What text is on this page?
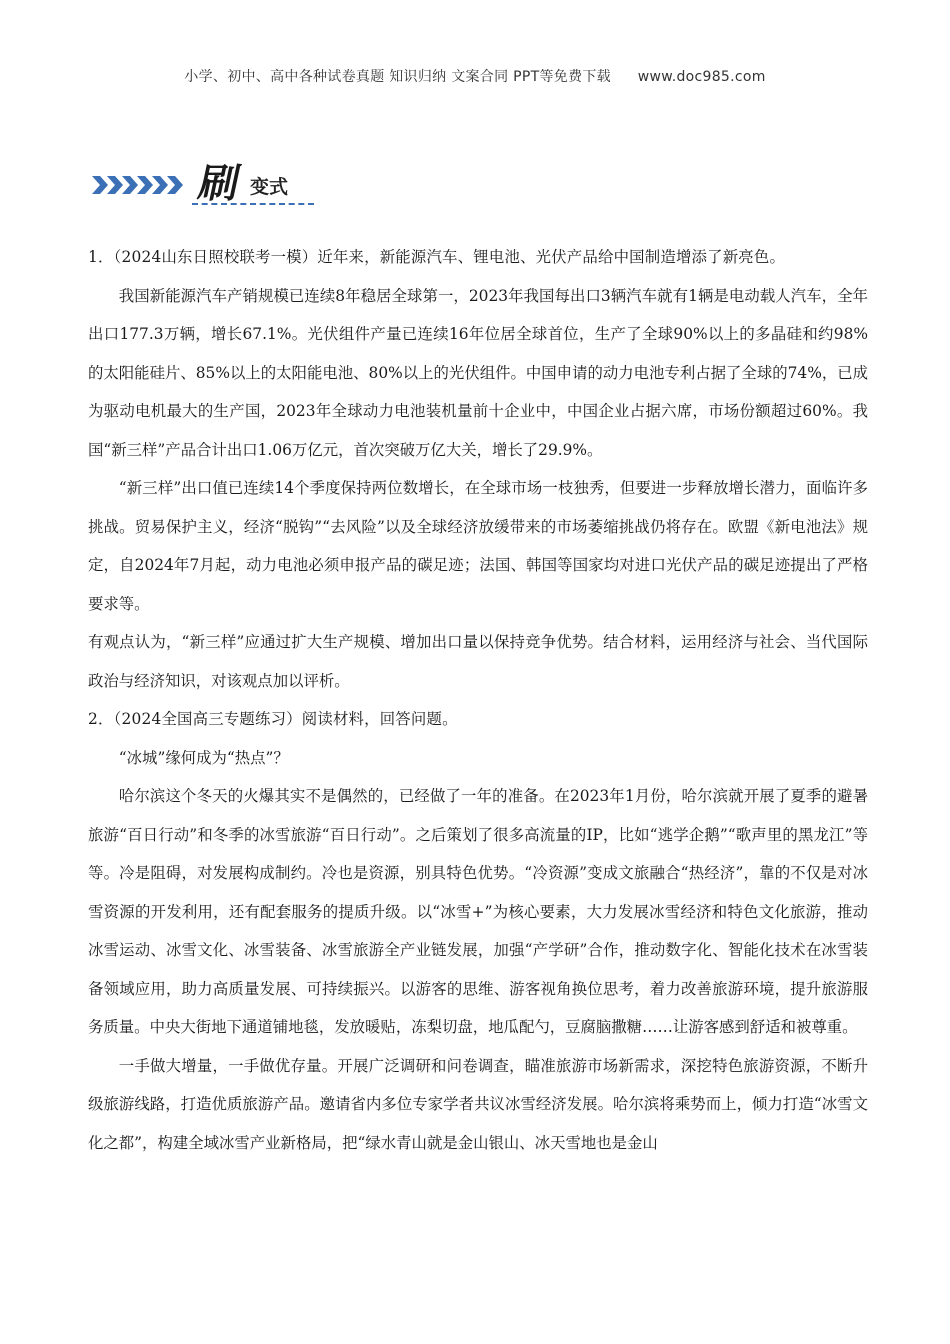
小学、初中、高中各种试卷真题 知识归纳 文案合同 PPT等免费下载 www.doc985.com
刷 变式

1．（2024山东日照校联考一模）近年来，新能源汽车、锂电池、光伏产品给中国制造增添了新亮色。

我国新能源汽车产销规模已连续8年稳居全球第一，2023年我国每出口3辆汽车就有1辆是电动载人汽车，全年出口177.3万辆，增长67.1%。光伏组件产量已连续16年位居全球首位，生产了全球90%以上的多晶硅和约98%的太阳能硅片、85%以上的太阳能电池、80%以上的光伏组件。中国申请的动力电池专利占据了全球的74%，已成为驱动电机最大的生产国，2023年全球动力电池装机量前十企业中，中国企业占据六席，市场份额超过60%。我国“新三样”产品合计出口1.06万亿元，首次突破万亿大关，增长了29.9%。

“新三样”出口值已连续14个季度保持两位数增长，在全球市场一枝独秀，但要进一步释放增长潜力，面临许多挑战。贸易保护主义，经济“脱钩”“去风险”以及全球经济放缓带来的市场萎缩挑战仍将存在。欧盟《新电池法》规定，自2024年7月起，动力电池必须申报产品的碳足迹；法国、韩国等国家均对进口光伏产品的碳足迹提出了严格要求等。

有观点认为，“新三样”应通过扩大生产规模、增加出口量以保持竞争优势。结合材料，运用经济与社会、当代国际政治与经济知识，对该观点加以评析。

2．（2024全国高三专题练习）阅读材料，回答问题。

“冰城”缘何成为“热点”？

哈尔滨这个冬天的火爆其实不是偶然的，已经做了一年的准备。在2023年1月份，哈尔滨就开展了夏季的避暑旅游“百日行动”和冬季的冰雪旅游“百日行动”。之后策划了很多高流量的IP，比如“逃学企鹅”“歌声里的黑龙江”等等。冷是阻碍，对发展构成制约。冷也是资源，别具特色优势。“冷资源”变成文旅融合“热经济”，靠的不仅是对冰雪资源的开发利用，还有配套服务的提质升级。以“冰雪+”为核心要素，大力发展冰雪经济和特色文化旅游，推动冰雪运动、冰雪文化、冰雪装备、冰雪旅游全产业链发展，加强“产学研”合作，推动数字化、智能化技术在冰雪装备领域应用，助力高质量发展、可持续振兴。以游客的思维、游客视角换位思考，着力改善旅游环境，提升旅游服务质量。中央大街地下通道铺地毯，发放暖贴，冻梨切盘，地瓜配勺，豆腐脑撒糖……让游客感到舒适和被尊重。

一手做大增量，一手做优存量。开展广泛调研和问卷调查，瞄准旅游市场新需求，深挖特色旅游资源，不断升级旅游线路，打造优质旅游产品。邀请省内多位专家学者共议冰雪经济发展。哈尔滨将乘势而上，倾力打造“冰雪文化之都”，构建全域冰雪产业新格局，把“绿水青山就是金山银山、冰天雪地也是金山
